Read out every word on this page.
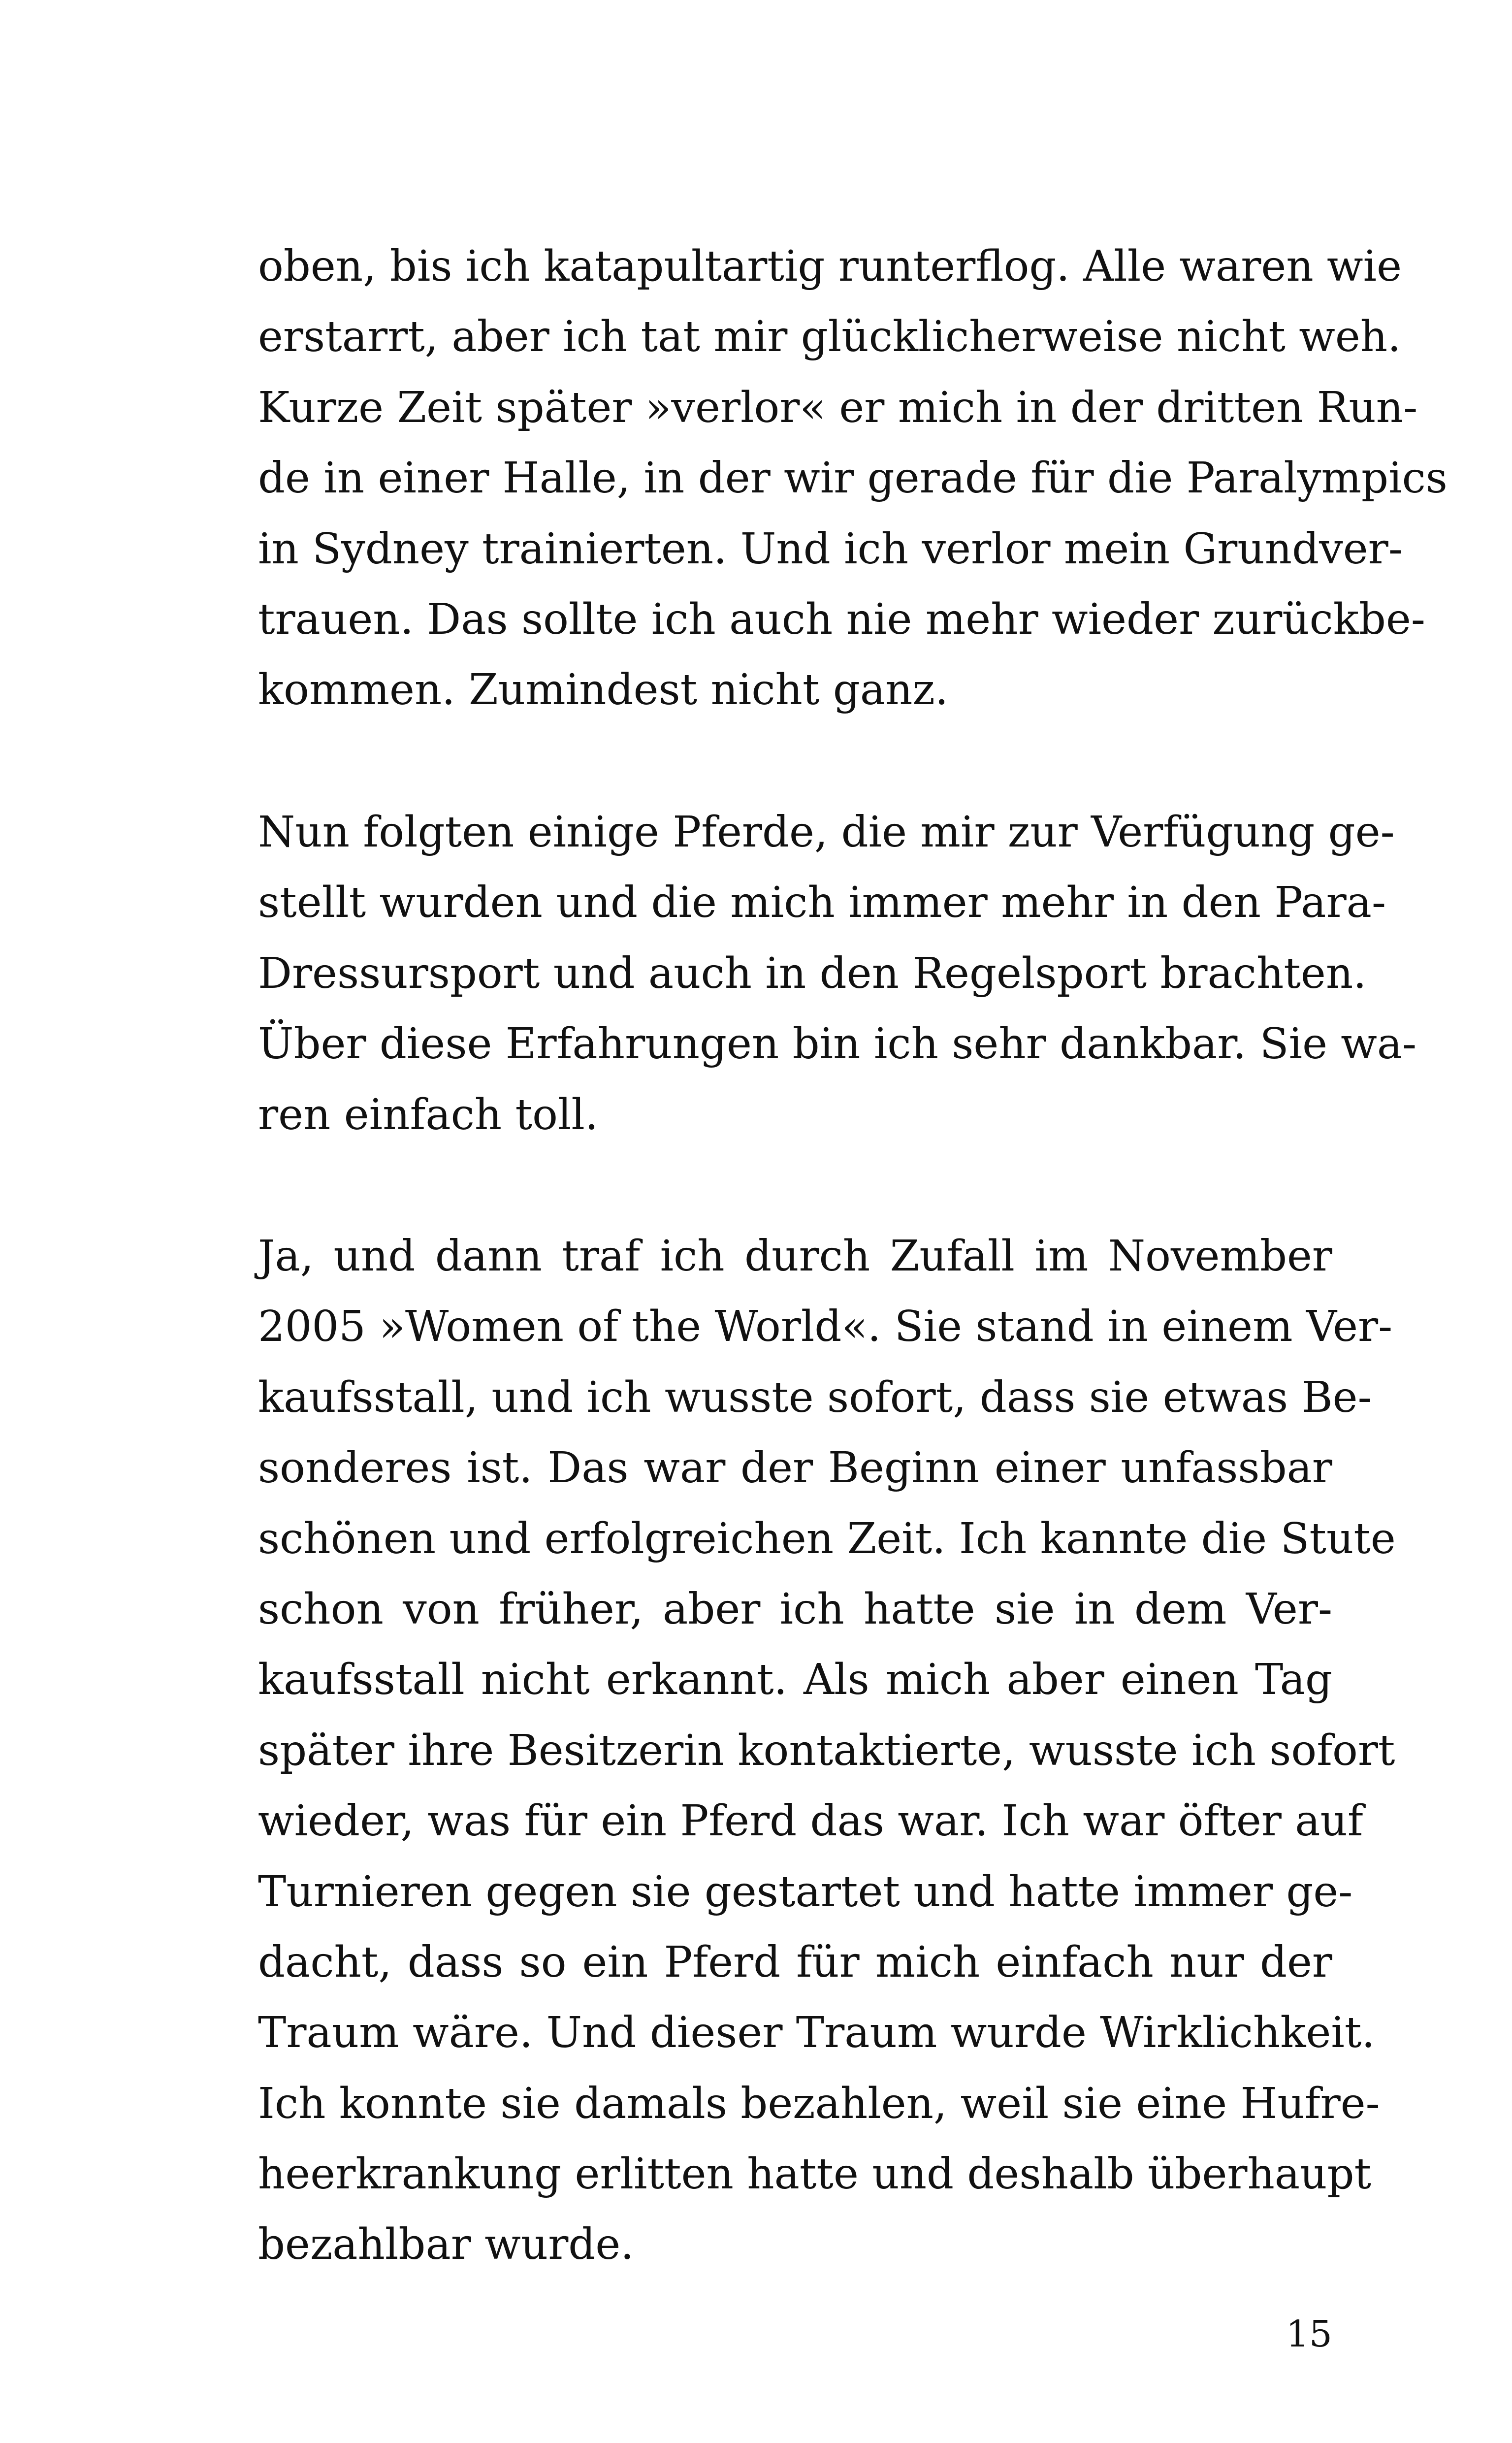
oben, bis ich katapultartig runterflog. Alle waren wie
erstarrt, aber ich tat mir glücklicherweise nicht weh.
Kurze Zeit später »verlor« er mich in der dritten Run-
de in einer Halle, in der wir gerade für die Paralympics
in Sydney trainierten. Und ich verlor mein Grundver-
trauen. Das sollte ich auch nie mehr wieder zurückbe-
kommen. Zumindest nicht ganz.
Nun folgten einige Pferde, die mir zur Verfügung ge-
stellt wurden und die mich immer mehr in den Para-
Dressursport und auch in den Regelsport brachten.
Über diese Erfahrungen bin ich sehr dankbar. Sie wa-
ren einfach toll.
Ja, und dann traf ich durch Zufall im November
2005 »Women of the World«. Sie stand in einem Ver-
kaufsstall, und ich wusste sofort, dass sie etwas Be-
sonderes ist. Das war der Beginn einer unfassbar
schönen und erfolgreichen Zeit. Ich kannte die Stute
schon von früher, aber ich hatte sie in dem Ver-
kaufsstall nicht erkannt. Als mich aber einen Tag
später ihre Besitzerin kontaktierte, wusste ich sofort
wieder, was für ein Pferd das war. Ich war öfter auf
Turnieren gegen sie gestartet und hatte immer ge-
dacht, dass so ein Pferd für mich einfach nur der
Traum wäre. Und dieser Traum wurde Wirklichkeit.
Ich konnte sie damals bezahlen, weil sie eine Hufre-
heerkrankung erlitten hatte und deshalb überhaupt
bezahlbar wurde.
15
